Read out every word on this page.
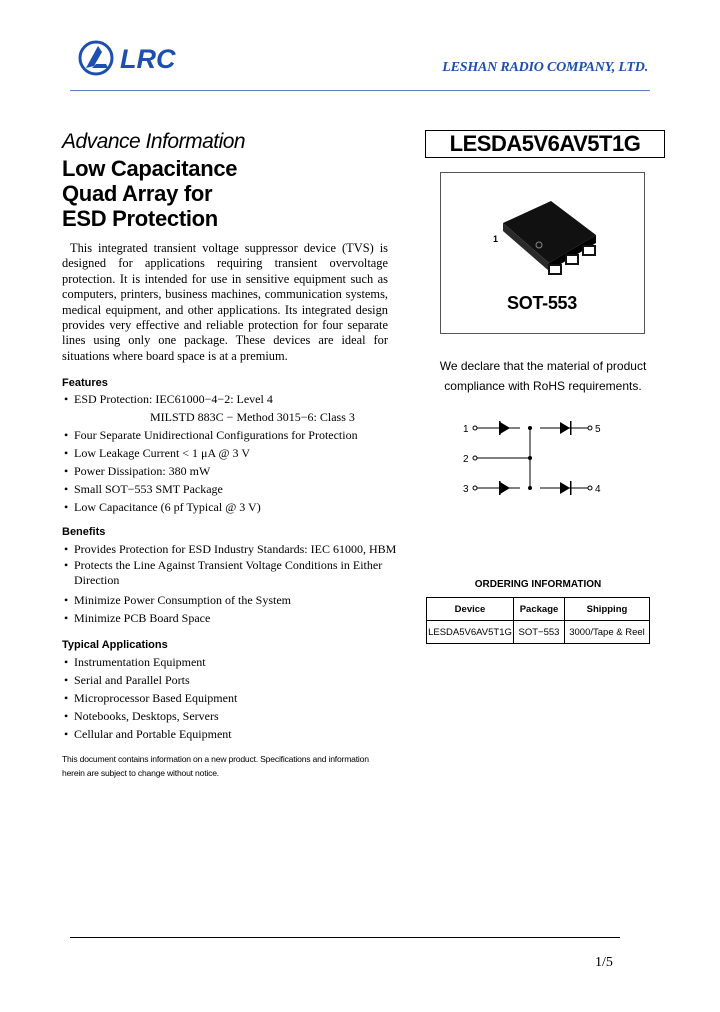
LRC	LESHAN RADIO COMPANY, LTD.
Advance Information
Low Capacitance
Quad Array for
ESD Protection
This integrated transient voltage suppressor device (TVS) is designed for applications requiring transient overvoltage protection. It is intended for use in sensitive equipment such as computers, printers, business machines, communication systems, medical equipment, and other applications. Its integrated design provides very effective and reliable protection for four separate lines using only one package. These devices are ideal for situations where board space is at a premium.
Features
• ESD Protection: IEC61000−4−2: Level 4
MILSTD 883C − Method 3015−6: Class 3
• Four Separate Unidirectional Configurations for Protection
• Low Leakage Current < 1 μA @ 3 V
• Power Dissipation: 380 mW
• Small SOT−553 SMT Package
• Low Capacitance (6 pf Typical @ 3 V)
Benefits
• Provides Protection for ESD Industry Standards: IEC 61000, HBM
• Protects the Line Against Transient Voltage Conditions in Either
Direction
• Minimize Power Consumption of the System
• Minimize PCB Board Space
Typical Applications
• Instrumentation Equipment
• Serial and Parallel Ports
• Microprocessor Based Equipment
• Notebooks, Desktops, Servers
• Cellular and Portable Equipment
This document contains information on a new product. Specifications and information
herein are subject to change without notice.
LESDA5V6AV5T1G
1
SOT-553
We declare that the material of product
compliance with RoHS requirements.
1
2
3	4
5
ORDERING INFORMATION
Device	Package	Shipping
LESDA5V6AV5T1G	SOT−553	3000/Tape & Reel
1/5
